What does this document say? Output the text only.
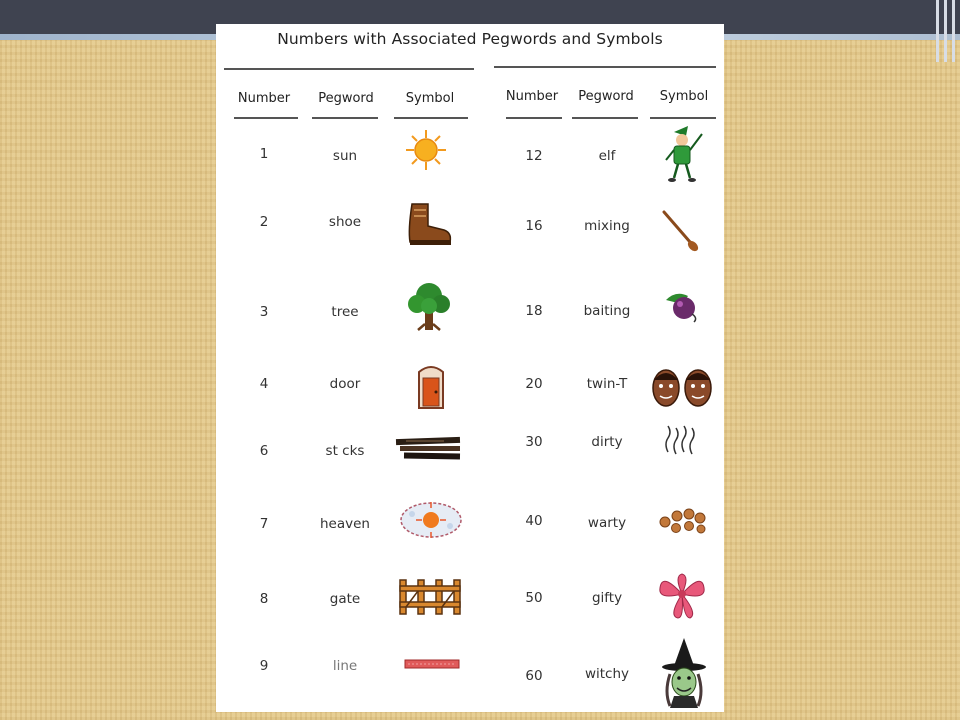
Numbers with Associated Pegwords and Symbols
Number	Pegword	Symbol	Number	Pegword	Symbol
1	sun
2	shoe
3	tree
4	door
6	st cks
7	heaven
8	gate
9	line
12	elf
16	mixing
18	baiting
20	twin-T
30	dirty
40	warty
50	gifty
60	witchy
